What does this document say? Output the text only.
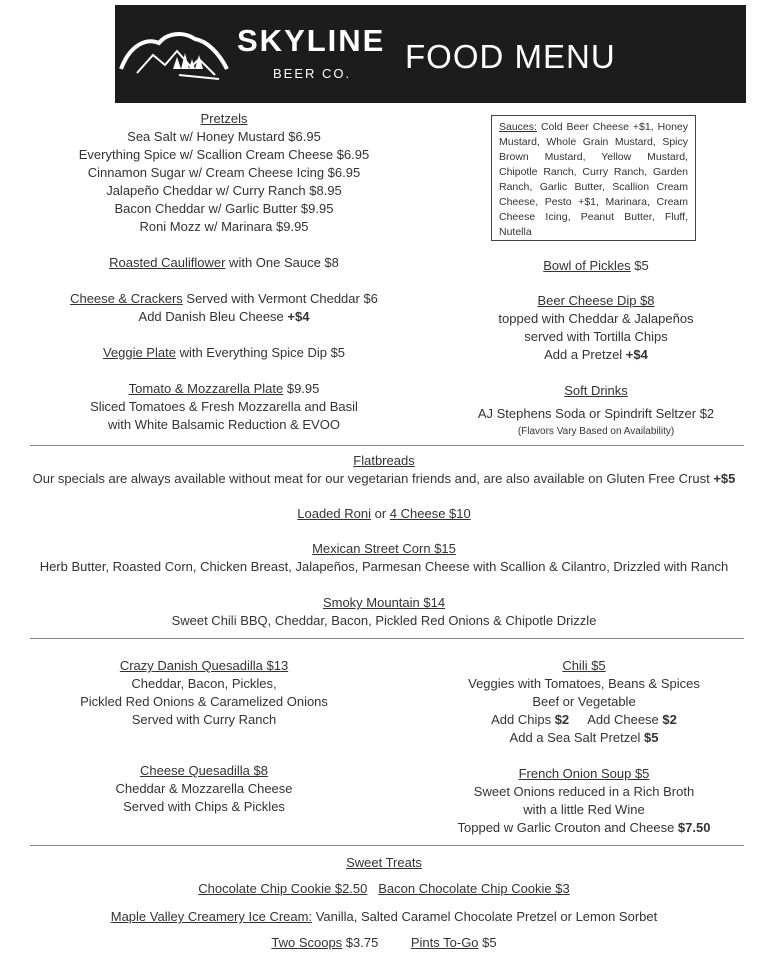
SKYLINE
BEER CO. FOOD MENU
Pretzels
Sea Salt w/ Honey Mustard $6.95
Everything Spice w/ Scallion Cream Cheese $6.95
Cinnamon Sugar w/ Cream Cheese Icing $6.95
Jalapeño Cheddar w/ Curry Ranch $8.95
Bacon Cheddar w/ Garlic Butter $9.95
Roni Mozz w/ Marinara $9.95
Sauces: Cold Beer Cheese +$1, Honey Mustard, Whole Grain Mustard, Spicy Brown Mustard, Yellow Mustard, Chipotle Ranch, Curry Ranch, Garden Ranch, Garlic Butter, Scallion Cream Cheese, Pesto +$1, Marinara, Cream Cheese Icing, Peanut Butter, Fluff, Nutella
Roasted Cauliflower with One Sauce $8
Cheese & Crackers Served with Vermont Cheddar $6
Add Danish Bleu Cheese +$4
Veggie Plate with Everything Spice Dip $5
Tomato & Mozzarella Plate $9.95
Sliced Tomatoes & Fresh Mozzarella and Basil
with White Balsamic Reduction & EVOO
Bowl of Pickles $5
Beer Cheese Dip $8
topped with Cheddar & Jalapeños
served with Tortilla Chips
Add a Pretzel +$4
Soft Drinks
AJ Stephens Soda or Spindrift Seltzer $2
(Flavors Vary Based on Availability)
Flatbreads
Our specials are always available without meat for our vegetarian friends and, are also available on Gluten Free Crust +$5
Loaded Roni or 4 Cheese $10
Mexican Street Corn $15
Herb Butter, Roasted Corn, Chicken Breast, Jalapeños, Parmesan Cheese with Scallion & Cilantro, Drizzled with Ranch
Smoky Mountain $14
Sweet Chili BBQ, Cheddar, Bacon, Pickled Red Onions & Chipotle Drizzle
Crazy Danish Quesadilla $13
Cheddar, Bacon, Pickles,
Pickled Red Onions & Caramelized Onions
Served with Curry Ranch
Cheese Quesadilla $8
Cheddar & Mozzarella Cheese
Served with Chips & Pickles
Chili $5
Veggies with Tomatoes, Beans & Spices
Beef or Vegetable
Add Chips $2 Add Cheese $2
Add a Sea Salt Pretzel $5
French Onion Soup $5
Sweet Onions reduced in a Rich Broth
with a little Red Wine
Topped w Garlic Crouton and Cheese $7.50
Sweet Treats
Chocolate Chip Cookie $2.50 Bacon Chocolate Chip Cookie $3
Maple Valley Creamery Ice Cream: Vanilla, Salted Caramel Chocolate Pretzel or Lemon Sorbet
Two Scoops $3.75	Pints To-Go $5
